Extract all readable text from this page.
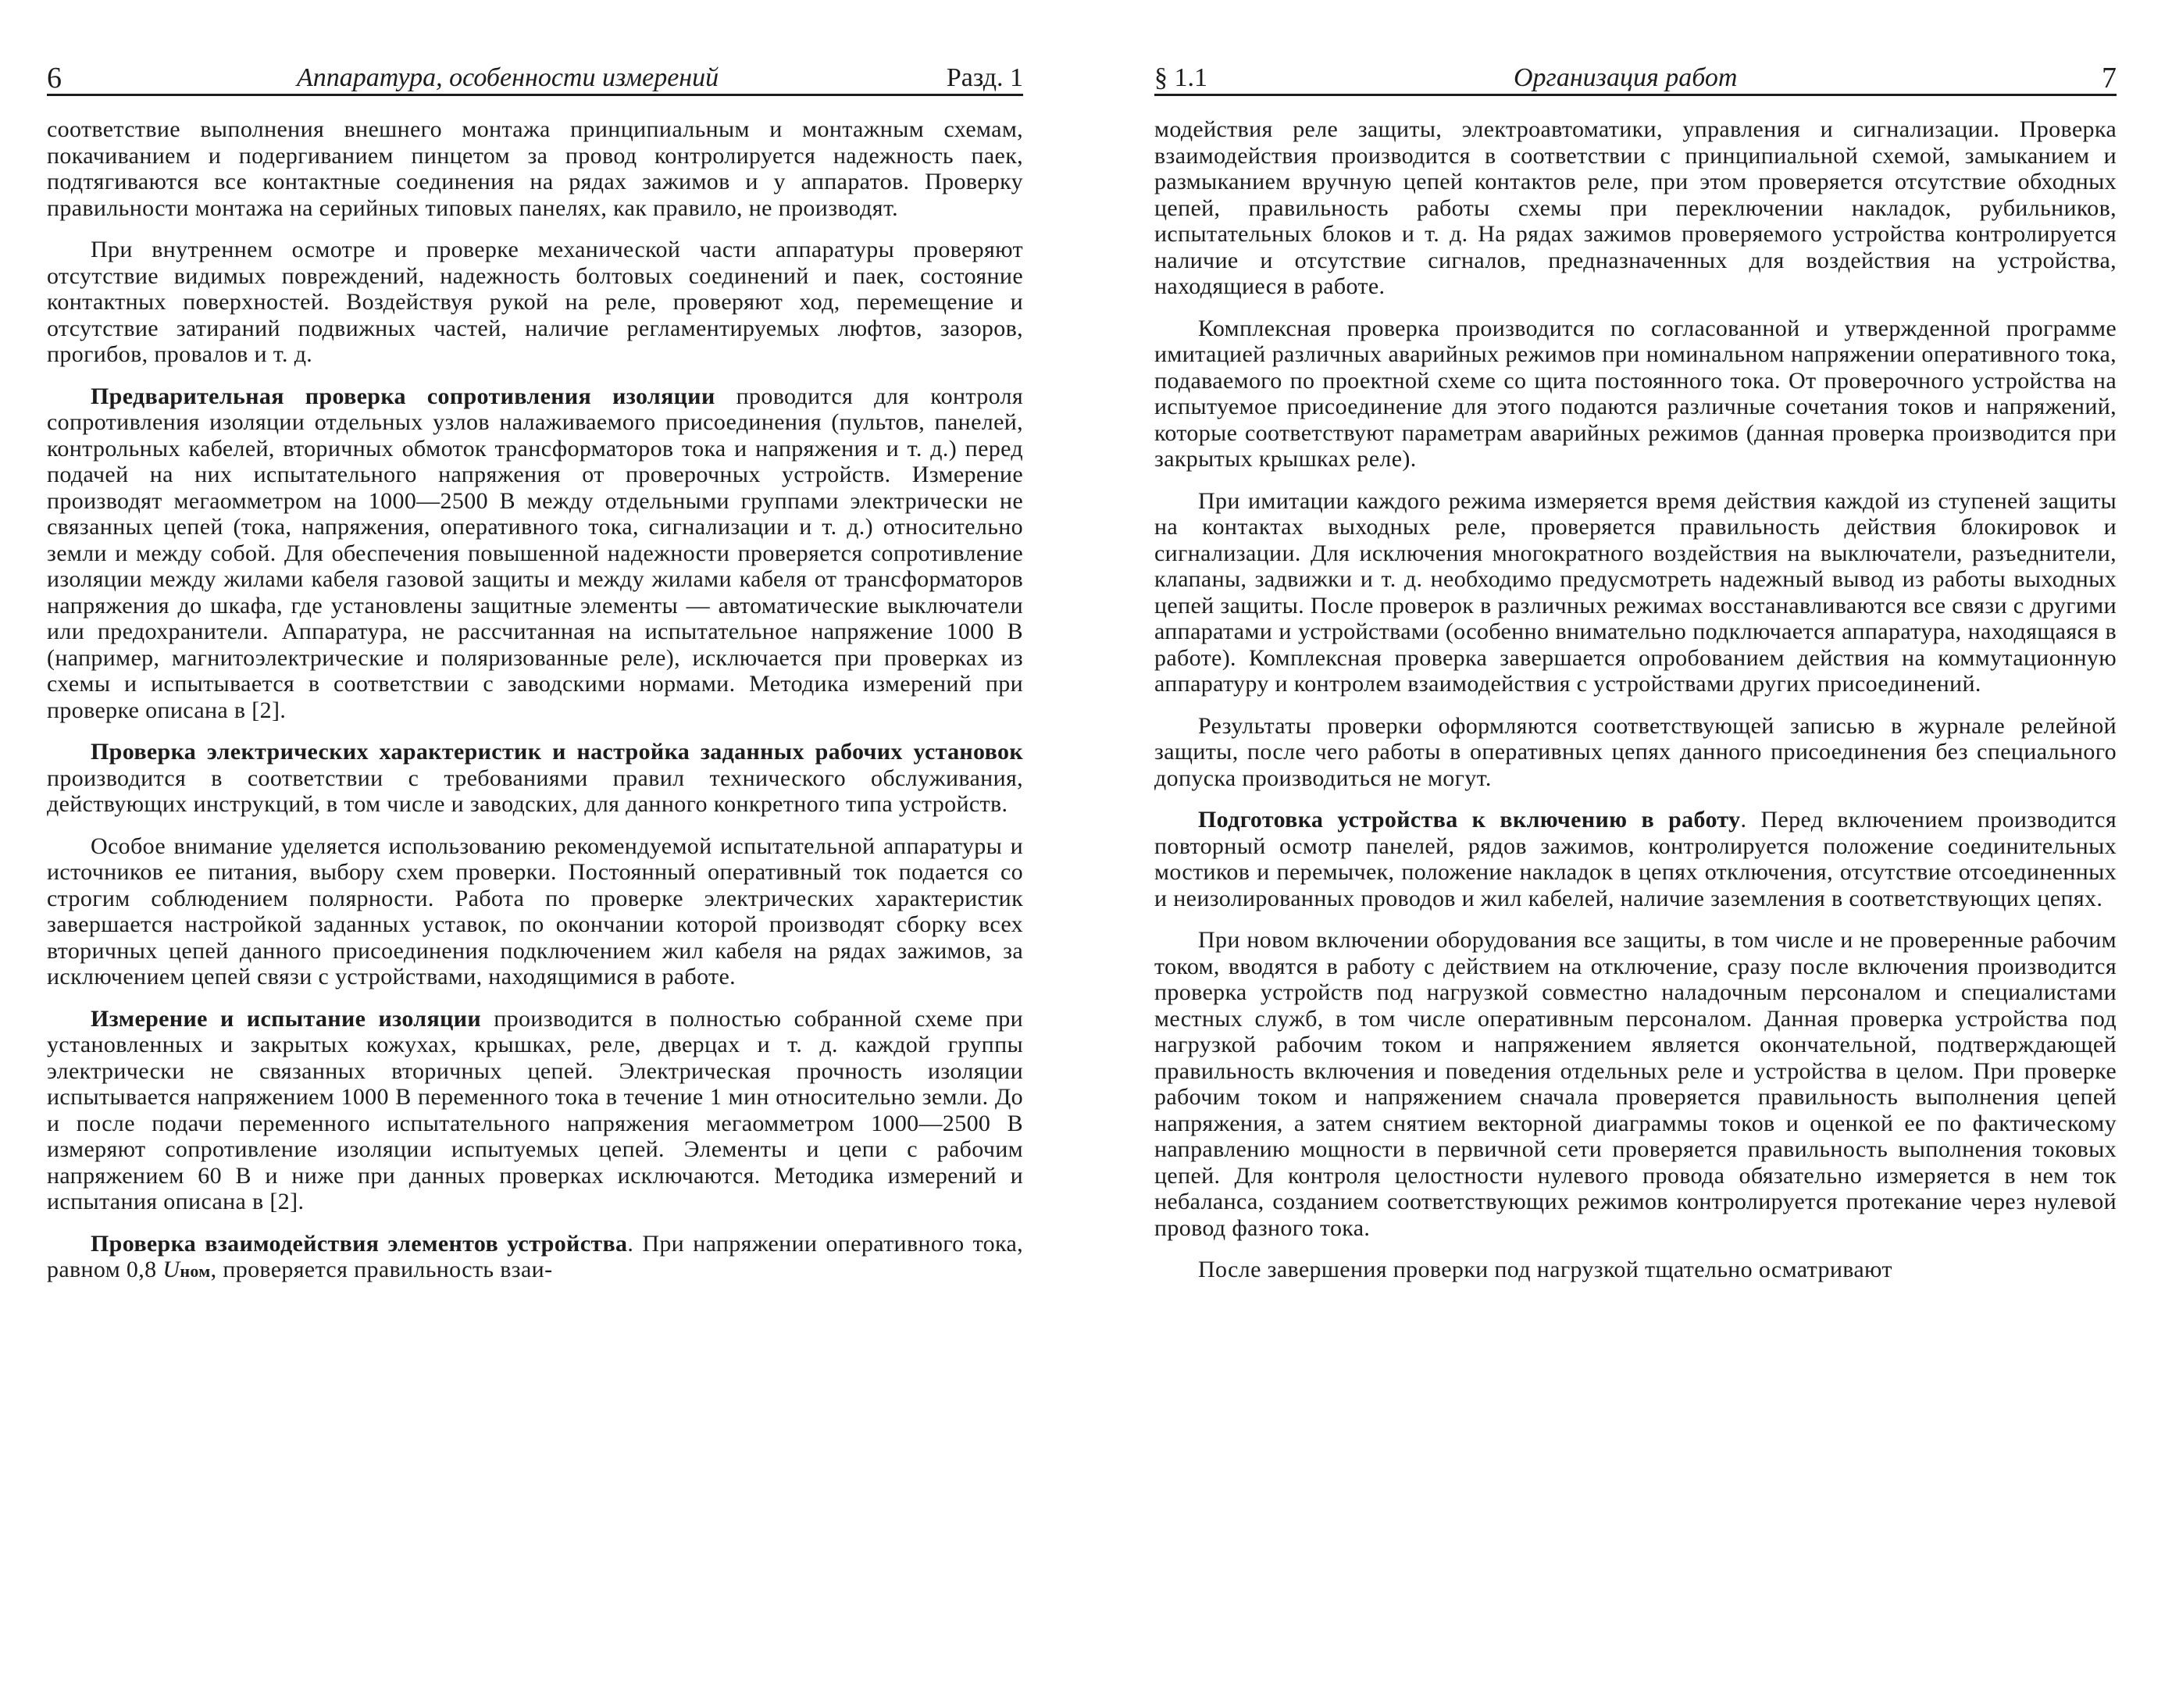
6	Аппаратура, особенности измерений	Разд. 1

соответствие выполнения внешнего монтажа принципиальным и монтажным схемам, покачиванием и подергиванием пинцетом за провод контролируется надежность паек, подтягиваются все контактные соединения на рядах зажимов и у аппаратов. Проверку правильности монтажа на серийных типовых панелях, как правило, не производят.

При внутреннем осмотре и проверке механической части аппаратуры проверяют отсутствие видимых повреждений, надежность болтовых соединений и паек, состояние контактных поверхностей. Воздействуя рукой на реле, проверяют ход, перемещение и отсутствие затираний подвижных частей, наличие регламентируемых люфтов, зазоров, прогибов, провалов и т. д.

Предварительная проверка сопротивления изоляции проводится для контроля сопротивления изоляции отдельных узлов налаживаемого присоединения (пультов, панелей, контрольных кабелей, вторичных обмоток трансформаторов тока и напряжения и т. д.) перед подачей на них испытательного напряжения от проверочных устройств. Измерение производят мегаомметром на 1000—2500 В между отдельными группами электрически не связанных цепей (тока, напряжения, оперативного тока, сигнализации и т. д.) относительно земли и между собой. Для обеспечения повышенной надежности проверяется сопротивление изоляции между жилами кабеля газовой защиты и между жилами кабеля от трансформаторов напряжения до шкафа, где установлены защитные элементы — автоматические выключатели или предохранители. Аппаратура, не рассчитанная на испытательное напряжение 1000 В (например, магнитоэлектрические и поляризованные реле), исключается при проверках из схемы и испытывается в соответствии с заводскими нормами. Методика измерений при проверке описана в [2].

Проверка электрических характеристик и настройка заданных рабочих установок производится в соответствии с требованиями правил технического обслуживания, действующих инструкций, в том числе и заводских, для данного конкретного типа устройств.

Особое внимание уделяется использованию рекомендуемой испытательной аппаратуры и источников ее питания, выбору схем проверки. Постоянный оперативный ток подается со строгим соблюдением полярности. Работа по проверке электрических характеристик завершается настройкой заданных уставок, по окончании которой производят сборку всех вторичных цепей данного присоединения подключением жил кабеля на рядах зажимов, за исключением цепей связи с устройствами, находящимися в работе.

Измерение и испытание изоляции производится в полностью собранной схеме при установленных и закрытых кожухах, крышках, реле, дверцах и т. д. каждой группы электрически не связанных вторичных цепей. Электрическая прочность изоляции испытывается напряжением 1000 В переменного тока в течение 1 мин относительно земли. До и после подачи переменного испытательного напряжения мегаомметром 1000—2500 В измеряют сопротивление изоляции испытуемых цепей. Элементы и цепи с рабочим напряжением 60 В и ниже при данных проверках исключаются. Методика измерений и испытания описана в [2].

Проверка взаимодействия элементов устройства. При напряжении оперативного тока, равном 0,8 Uном, проверяется правильность взаи-

§ 1.1	Организация работ	7

модействия реле защиты, электроавтоматики, управления и сигнализации. Проверка взаимодействия производится в соответствии с принципиальной схемой, замыканием и размыканием вручную цепей контактов реле, при этом проверяется отсутствие обходных цепей, правильность работы схемы при переключении накладок, рубильников, испытательных блоков и т. д. На рядах зажимов проверяемого устройства контролируется наличие и отсутствие сигналов, предназначенных для воздействия на устройства, находящиеся в работе.

Комплексная проверка производится по согласованной и утвержденной программе имитацией различных аварийных режимов при номинальном напряжении оперативного тока, подаваемого по проектной схеме со щита постоянного тока. От проверочного устройства на испытуемое присоединение для этого подаются различные сочетания токов и напряжений, которые соответствуют параметрам аварийных режимов (данная проверка производится при закрытых крышках реле).

При имитации каждого режима измеряется время действия каждой из ступеней защиты на контактах выходных реле, проверяется правильность действия блокировок и сигнализации. Для исключения многократного воздействия на выключатели, разъеднители, клапаны, задвижки и т. д. необходимо предусмотреть надежный вывод из работы выходных цепей защиты. После проверок в различных режимах восстанавливаются все связи с другими аппаратами и устройствами (особенно внимательно подключается аппаратура, находящаяся в работе). Комплексная проверка завершается опробованием действия на коммутационную аппаратуру и контролем взаимодействия с устройствами других присоединений.

Результаты проверки оформляются соответствующей записью в журнале релейной защиты, после чего работы в оперативных цепях данного присоединения без специального допуска производиться не могут.

Подготовка устройства к включению в работу. Перед включением производится повторный осмотр панелей, рядов зажимов, контролируется положение соединительных мостиков и перемычек, положение накладок в цепях отключения, отсутствие отсоединенных и неизолированных проводов и жил кабелей, наличие заземления в соответствующих цепях.

При новом включении оборудования все защиты, в том числе и не проверенные рабочим током, вводятся в работу с действием на отключение, сразу после включения производится проверка устройств под нагрузкой совместно наладочным персоналом и специалистами местных служб, в том числе оперативным персоналом. Данная проверка устройства под нагрузкой рабочим током и напряжением является окончательной, подтверждающей правильность включения и поведения отдельных реле и устройства в целом. При проверке рабочим током и напряжением сначала проверяется правильность выполнения цепей напряжения, а затем снятием векторной диаграммы токов и оценкой ее по фактическому направлению мощности в первичной сети проверяется правильность выполнения токовых цепей. Для контроля целостности нулевого провода обязательно измеряется в нем ток небаланса, созданием соответствующих режимов контролируется протекание через нулевой провод фазного тока.

После завершения проверки под нагрузкой тщательно осматривают
